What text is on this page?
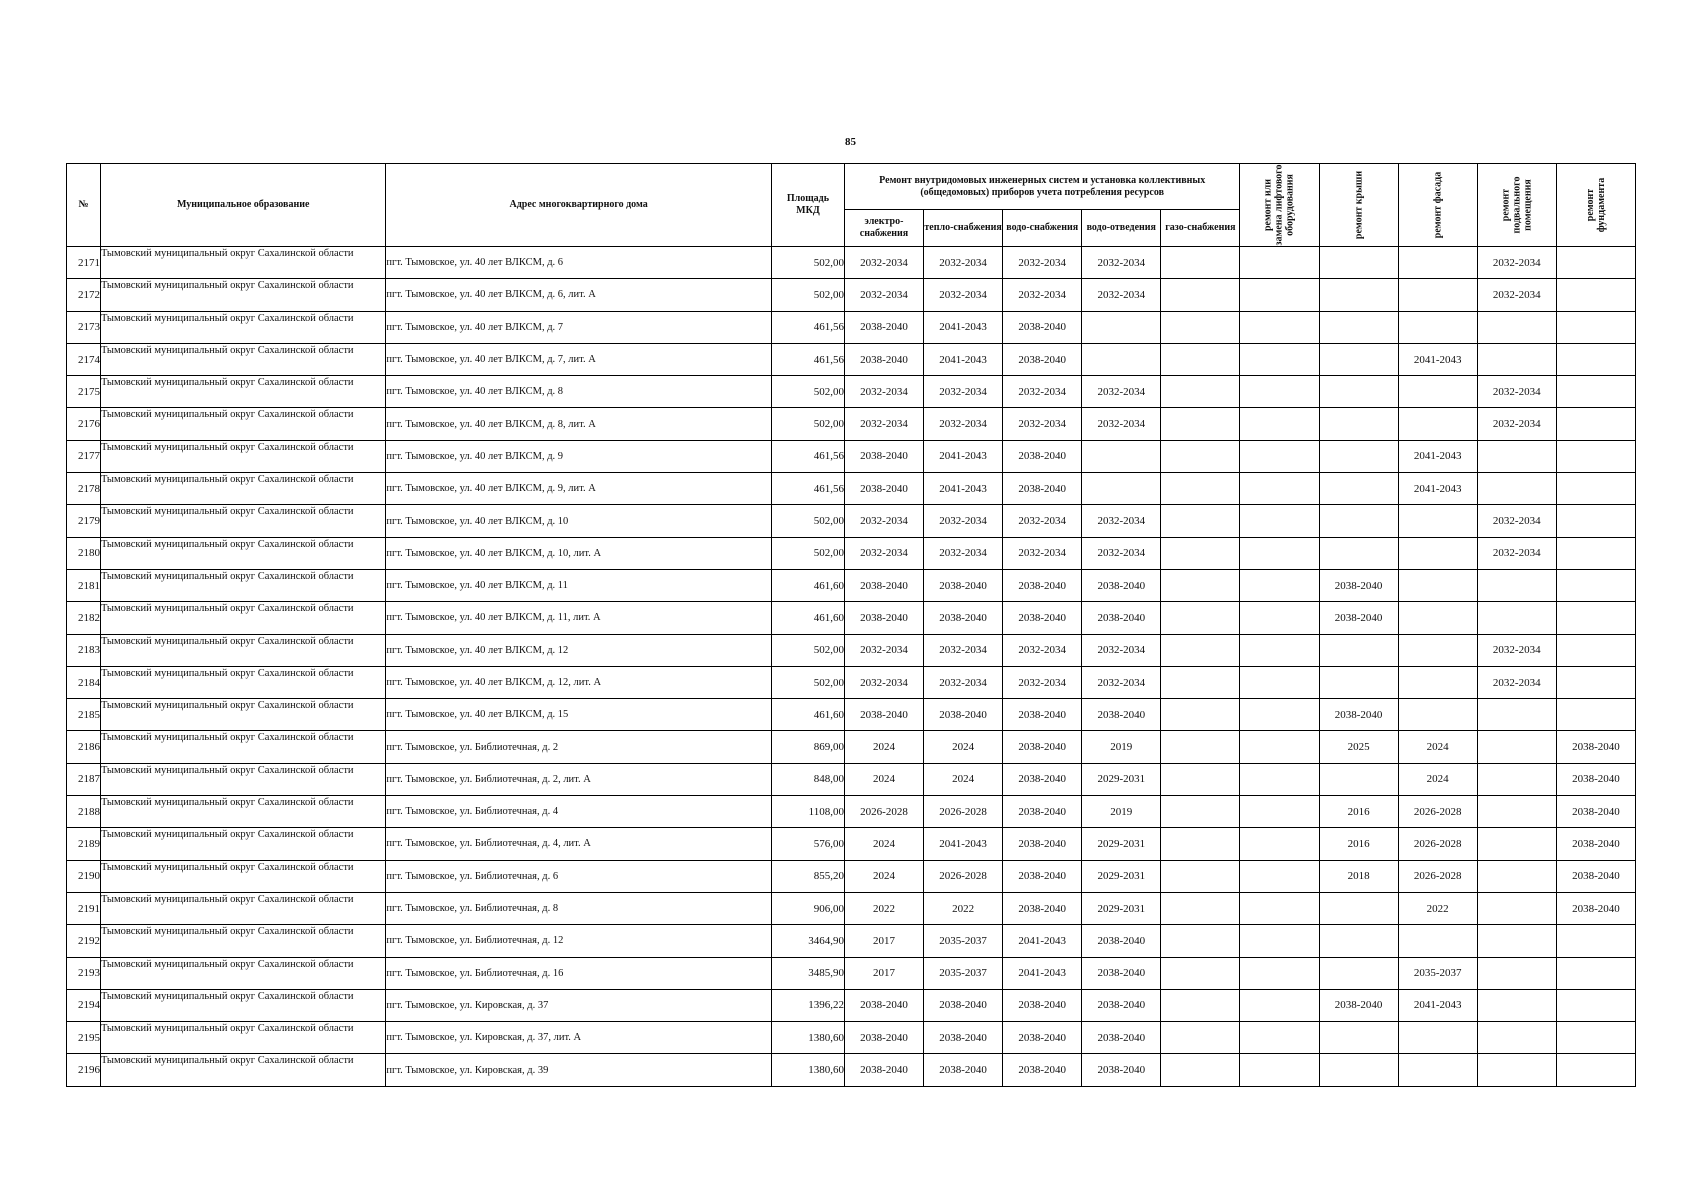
85
№	Муниципальное образование	Адрес многоквартирного дома	Площадь МКД	Ремонт внутридомовых инженерных систем и установка коллективных (общедомовых) приборов учета потребления ресурсов					ремонт или замена лифтового оборудования	ремонт крыши	ремонт фасада	ремонт подвального помещения	ремонт фундамента

				электро-снабжения	тепло-снабжения	водо-снабжения	водо-отведения	газо-снабжения					
2171	Тымовский муниципальный округ Сахалинской области	пгт. Тымовское, ул. 40 лет ВЛКСМ, д. 6	502,00	2032-2034	2032-2034	2032-2034	2032-2034					2032-2034	
2172	Тымовский муниципальный округ Сахалинской области	пгт. Тымовское, ул. 40 лет ВЛКСМ, д. 6, лит. А	502,00	2032-2034	2032-2034	2032-2034	2032-2034					2032-2034	
2173	Тымовский муниципальный округ Сахалинской области	пгт. Тымовское, ул. 40 лет ВЛКСМ, д. 7	461,56	2038-2040	2041-2043	2038-2040							
2174	Тымовский муниципальный округ Сахалинской области	пгт. Тымовское, ул. 40 лет ВЛКСМ, д. 7, лит. А	461,56	2038-2040	2041-2043	2038-2040					2041-2043		
2175	Тымовский муниципальный округ Сахалинской области	пгт. Тымовское, ул. 40 лет ВЛКСМ, д. 8	502,00	2032-2034	2032-2034	2032-2034	2032-2034					2032-2034	
2176	Тымовский муниципальный округ Сахалинской области	пгт. Тымовское, ул. 40 лет ВЛКСМ, д. 8, лит. А	502,00	2032-2034	2032-2034	2032-2034	2032-2034					2032-2034	
2177	Тымовский муниципальный округ Сахалинской области	пгт. Тымовское, ул. 40 лет ВЛКСМ, д. 9	461,56	2038-2040	2041-2043	2038-2040					2041-2043		
2178	Тымовский муниципальный округ Сахалинской области	пгт. Тымовское, ул. 40 лет ВЛКСМ, д. 9, лит. А	461,56	2038-2040	2041-2043	2038-2040					2041-2043		
2179	Тымовский муниципальный округ Сахалинской области	пгт. Тымовское, ул. 40 лет ВЛКСМ, д. 10	502,00	2032-2034	2032-2034	2032-2034	2032-2034					2032-2034	
2180	Тымовский муниципальный округ Сахалинской области	пгт. Тымовское, ул. 40 лет ВЛКСМ, д. 10, лит. А	502,00	2032-2034	2032-2034	2032-2034	2032-2034					2032-2034	
2181	Тымовский муниципальный округ Сахалинской области	пгт. Тымовское, ул. 40 лет ВЛКСМ, д. 11	461,60	2038-2040	2038-2040	2038-2040	2038-2040			2038-2040			
2182	Тымовский муниципальный округ Сахалинской области	пгт. Тымовское, ул. 40 лет ВЛКСМ, д. 11, лит. А	461,60	2038-2040	2038-2040	2038-2040	2038-2040			2038-2040			
2183	Тымовский муниципальный округ Сахалинской области	пгт. Тымовское, ул. 40 лет ВЛКСМ, д. 12	502,00	2032-2034	2032-2034	2032-2034	2032-2034					2032-2034	
2184	Тымовский муниципальный округ Сахалинской области	пгт. Тымовское, ул. 40 лет ВЛКСМ, д. 12, лит. А	502,00	2032-2034	2032-2034	2032-2034	2032-2034					2032-2034	
2185	Тымовский муниципальный округ Сахалинской области	пгт. Тымовское, ул. 40 лет ВЛКСМ, д. 15	461,60	2038-2040	2038-2040	2038-2040	2038-2040			2038-2040			
2186	Тымовский муниципальный округ Сахалинской области	пгт. Тымовское, ул. Библиотечная, д. 2	869,00	2024	2024	2038-2040	2019			2025	2024		2038-2040
2187	Тымовский муниципальный округ Сахалинской области	пгт. Тымовское, ул. Библиотечная, д. 2, лит. А	848,00	2024	2024	2038-2040	2029-2031				2024		2038-2040
2188	Тымовский муниципальный округ Сахалинской области	пгт. Тымовское, ул. Библиотечная, д. 4	1108,00	2026-2028	2026-2028	2038-2040	2019			2016	2026-2028		2038-2040
2189	Тымовский муниципальный округ Сахалинской области	пгт. Тымовское, ул. Библиотечная, д. 4, лит. А	576,00	2024	2041-2043	2038-2040	2029-2031			2016	2026-2028		2038-2040
2190	Тымовский муниципальный округ Сахалинской области	пгт. Тымовское, ул. Библиотечная, д. 6	855,20	2024	2026-2028	2038-2040	2029-2031			2018	2026-2028		2038-2040
2191	Тымовский муниципальный округ Сахалинской области	пгт. Тымовское, ул. Библиотечная, д. 8	906,00	2022	2022	2038-2040	2029-2031				2022		2038-2040
2192	Тымовский муниципальный округ Сахалинской области	пгт. Тымовское, ул. Библиотечная, д. 12	3464,90	2017	2035-2037	2041-2043	2038-2040						
2193	Тымовский муниципальный округ Сахалинской области	пгт. Тымовское, ул. Библиотечная, д. 16	3485,90	2017	2035-2037	2041-2043	2038-2040				2035-2037		
2194	Тымовский муниципальный округ Сахалинской области	пгт. Тымовское, ул. Кировская, д. 37	1396,22	2038-2040	2038-2040	2038-2040	2038-2040			2038-2040	2041-2043		
2195	Тымовский муниципальный округ Сахалинской области	пгт. Тымовское, ул. Кировская, д. 37, лит. А	1380,60	2038-2040	2038-2040	2038-2040	2038-2040						
2196	Тымовский муниципальный округ Сахалинской области	пгт. Тымовское, ул. Кировская, д. 39	1380,60	2038-2040	2038-2040	2038-2040	2038-2040						
